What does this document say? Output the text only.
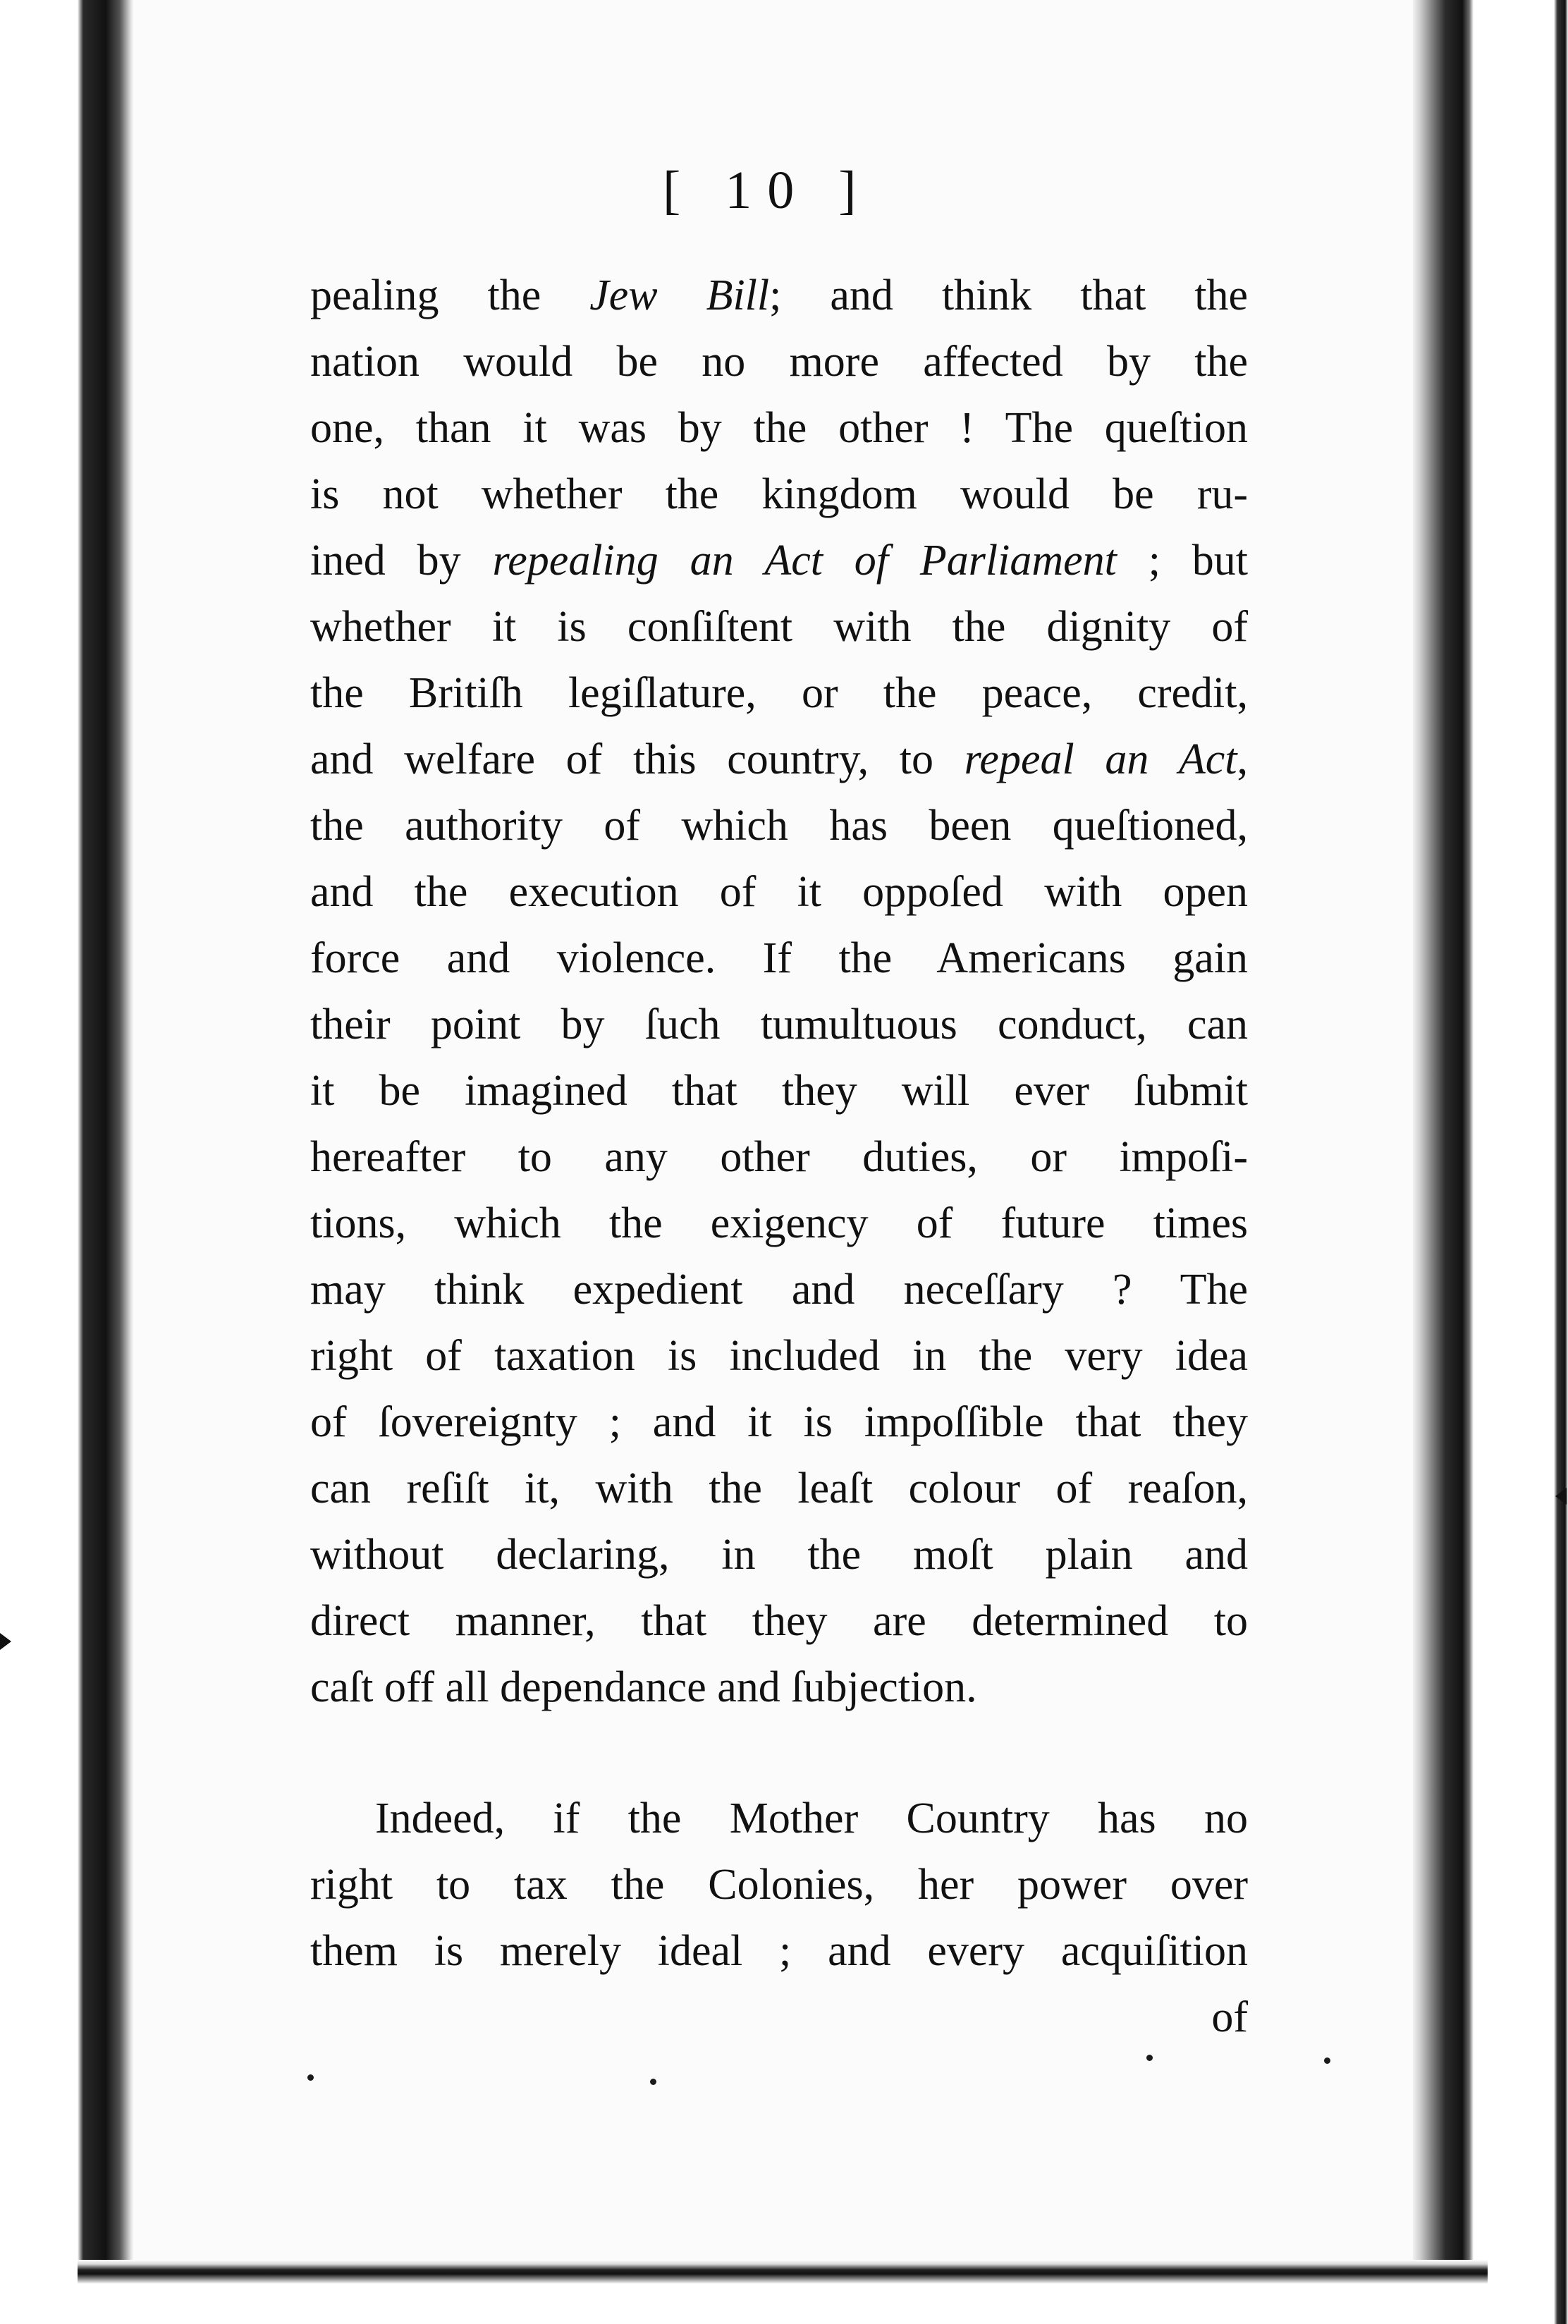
[ 10 ]
pealing the Jew Bill; and think that the
nation would be no more affected by the
one, than it was by the other ! The queſtion
is not whether the kingdom would be ru-
ined by repealing an Act of Parliament ; but
whether it is conſiſtent with the dignity of
the Britiſh legiſlature, or the peace, credit,
and welfare of this country, to repeal an Act,
the authority of which has been queſtioned,
and the execution of it oppoſed with open
force and violence. If the Americans gain
their point by ſuch tumultuous conduct, can
it be imagined that they will ever ſubmit
hereafter to any other duties, or impoſi-
tions, which the exigency of future times
may think expedient and neceſſary ? The
right of taxation is included in the very idea
of ſovereignty ; and it is impoſſible that they
can reſiſt it, with the leaſt colour of reaſon,
without declaring, in the moſt plain and
direct manner, that they are determined to
caſt off all dependance and ſubjection.
Indeed, if the Mother Country has no
right to tax the Colonies, her power over
them is merely ideal ; and every acquiſition
of
